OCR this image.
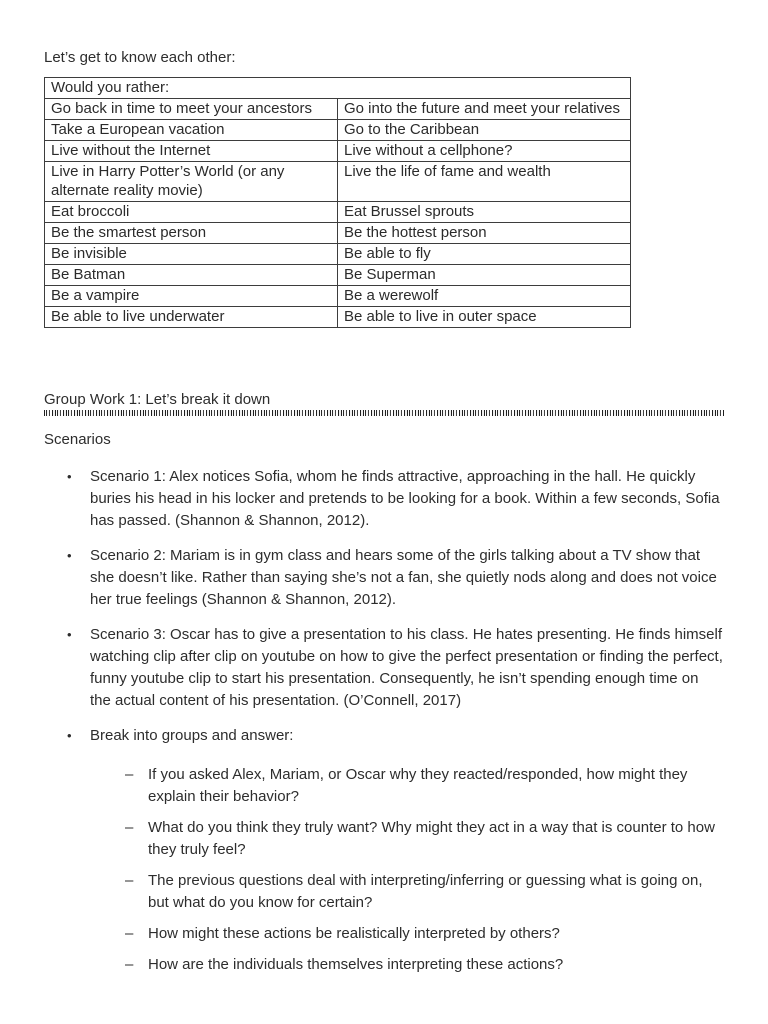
Let’s get to know each other:

Would you rather:	
Go back in time to meet your ancestors	Go into the future and meet your relatives
Take a European vacation	Go to the Caribbean
Live without the Internet	Live without a cellphone?
Live in Harry Potter’s World (or any alternate reality movie)	Live the life of fame and wealth
Eat broccoli	Eat Brussel sprouts
Be the smartest person	Be the hottest person
Be invisible	Be able to fly
Be Batman	Be Superman
Be a vampire	Be a werewolf
Be able to live underwater	Be able to live in outer space

Group Work 1: Let’s break it down

Scenarios

•	Scenario 1: Alex notices Sofia, whom he finds attractive, approaching in the hall. He quickly buries his head in his locker and pretends to be looking for a book. Within a few seconds, Sofia has passed. (Shannon & Shannon, 2012).

•	Scenario 2: Mariam is in gym class and hears some of the girls talking about a TV show that she doesn’t like. Rather than saying she’s not a fan, she quietly nods along and does not voice her true feelings (Shannon & Shannon, 2012).

•	Scenario 3: Oscar has to give a presentation to his class. He hates presenting. He finds himself watching clip after clip on youtube on how to give the perfect presentation or finding the perfect, funny youtube clip to start his presentation. Consequently, he isn’t spending enough time on the actual content of his presentation. (O’Connell, 2017)

•	Break into groups and answer:

– If you asked Alex, Mariam, or Oscar why they reacted/responded, how might they explain their behavior?

– What do you think they truly want? Why might they act in a way that is counter to how they truly feel?

– The previous questions deal with interpreting/inferring or guessing what is going on, but what do you know for certain?

– How might these actions be realistically interpreted by others?

– How are the individuals themselves interpreting these actions?
